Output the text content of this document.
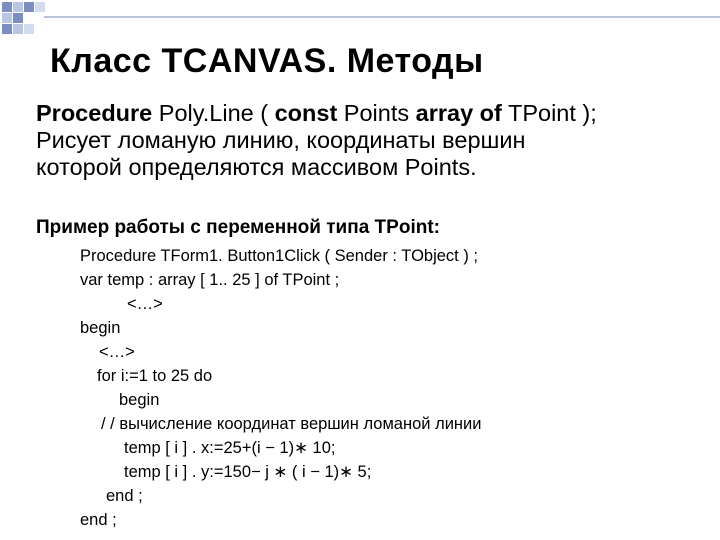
Класс TCANVAS. Методы
Procedure Poly.Line ( const Points array of TPoint );
Рисует ломаную линию, координаты вершин
которой определяются массивом Points.
Пример работы с переменной типа TPoint:
Procedure TForm1. Button1Click ( Sender : TObject ) ;
var temp : array [ 1.. 25 ] of TPoint ;
<…>
begin
<…>
for i:=1 to 25 do
begin
/ / вычисление координат вершин ломаной линии
temp [ i ] . x:=25+(i − 1)∗ 10;
temp [ i ] . y:=150− j ∗ ( i − 1)∗ 5;
end ;
end ;
